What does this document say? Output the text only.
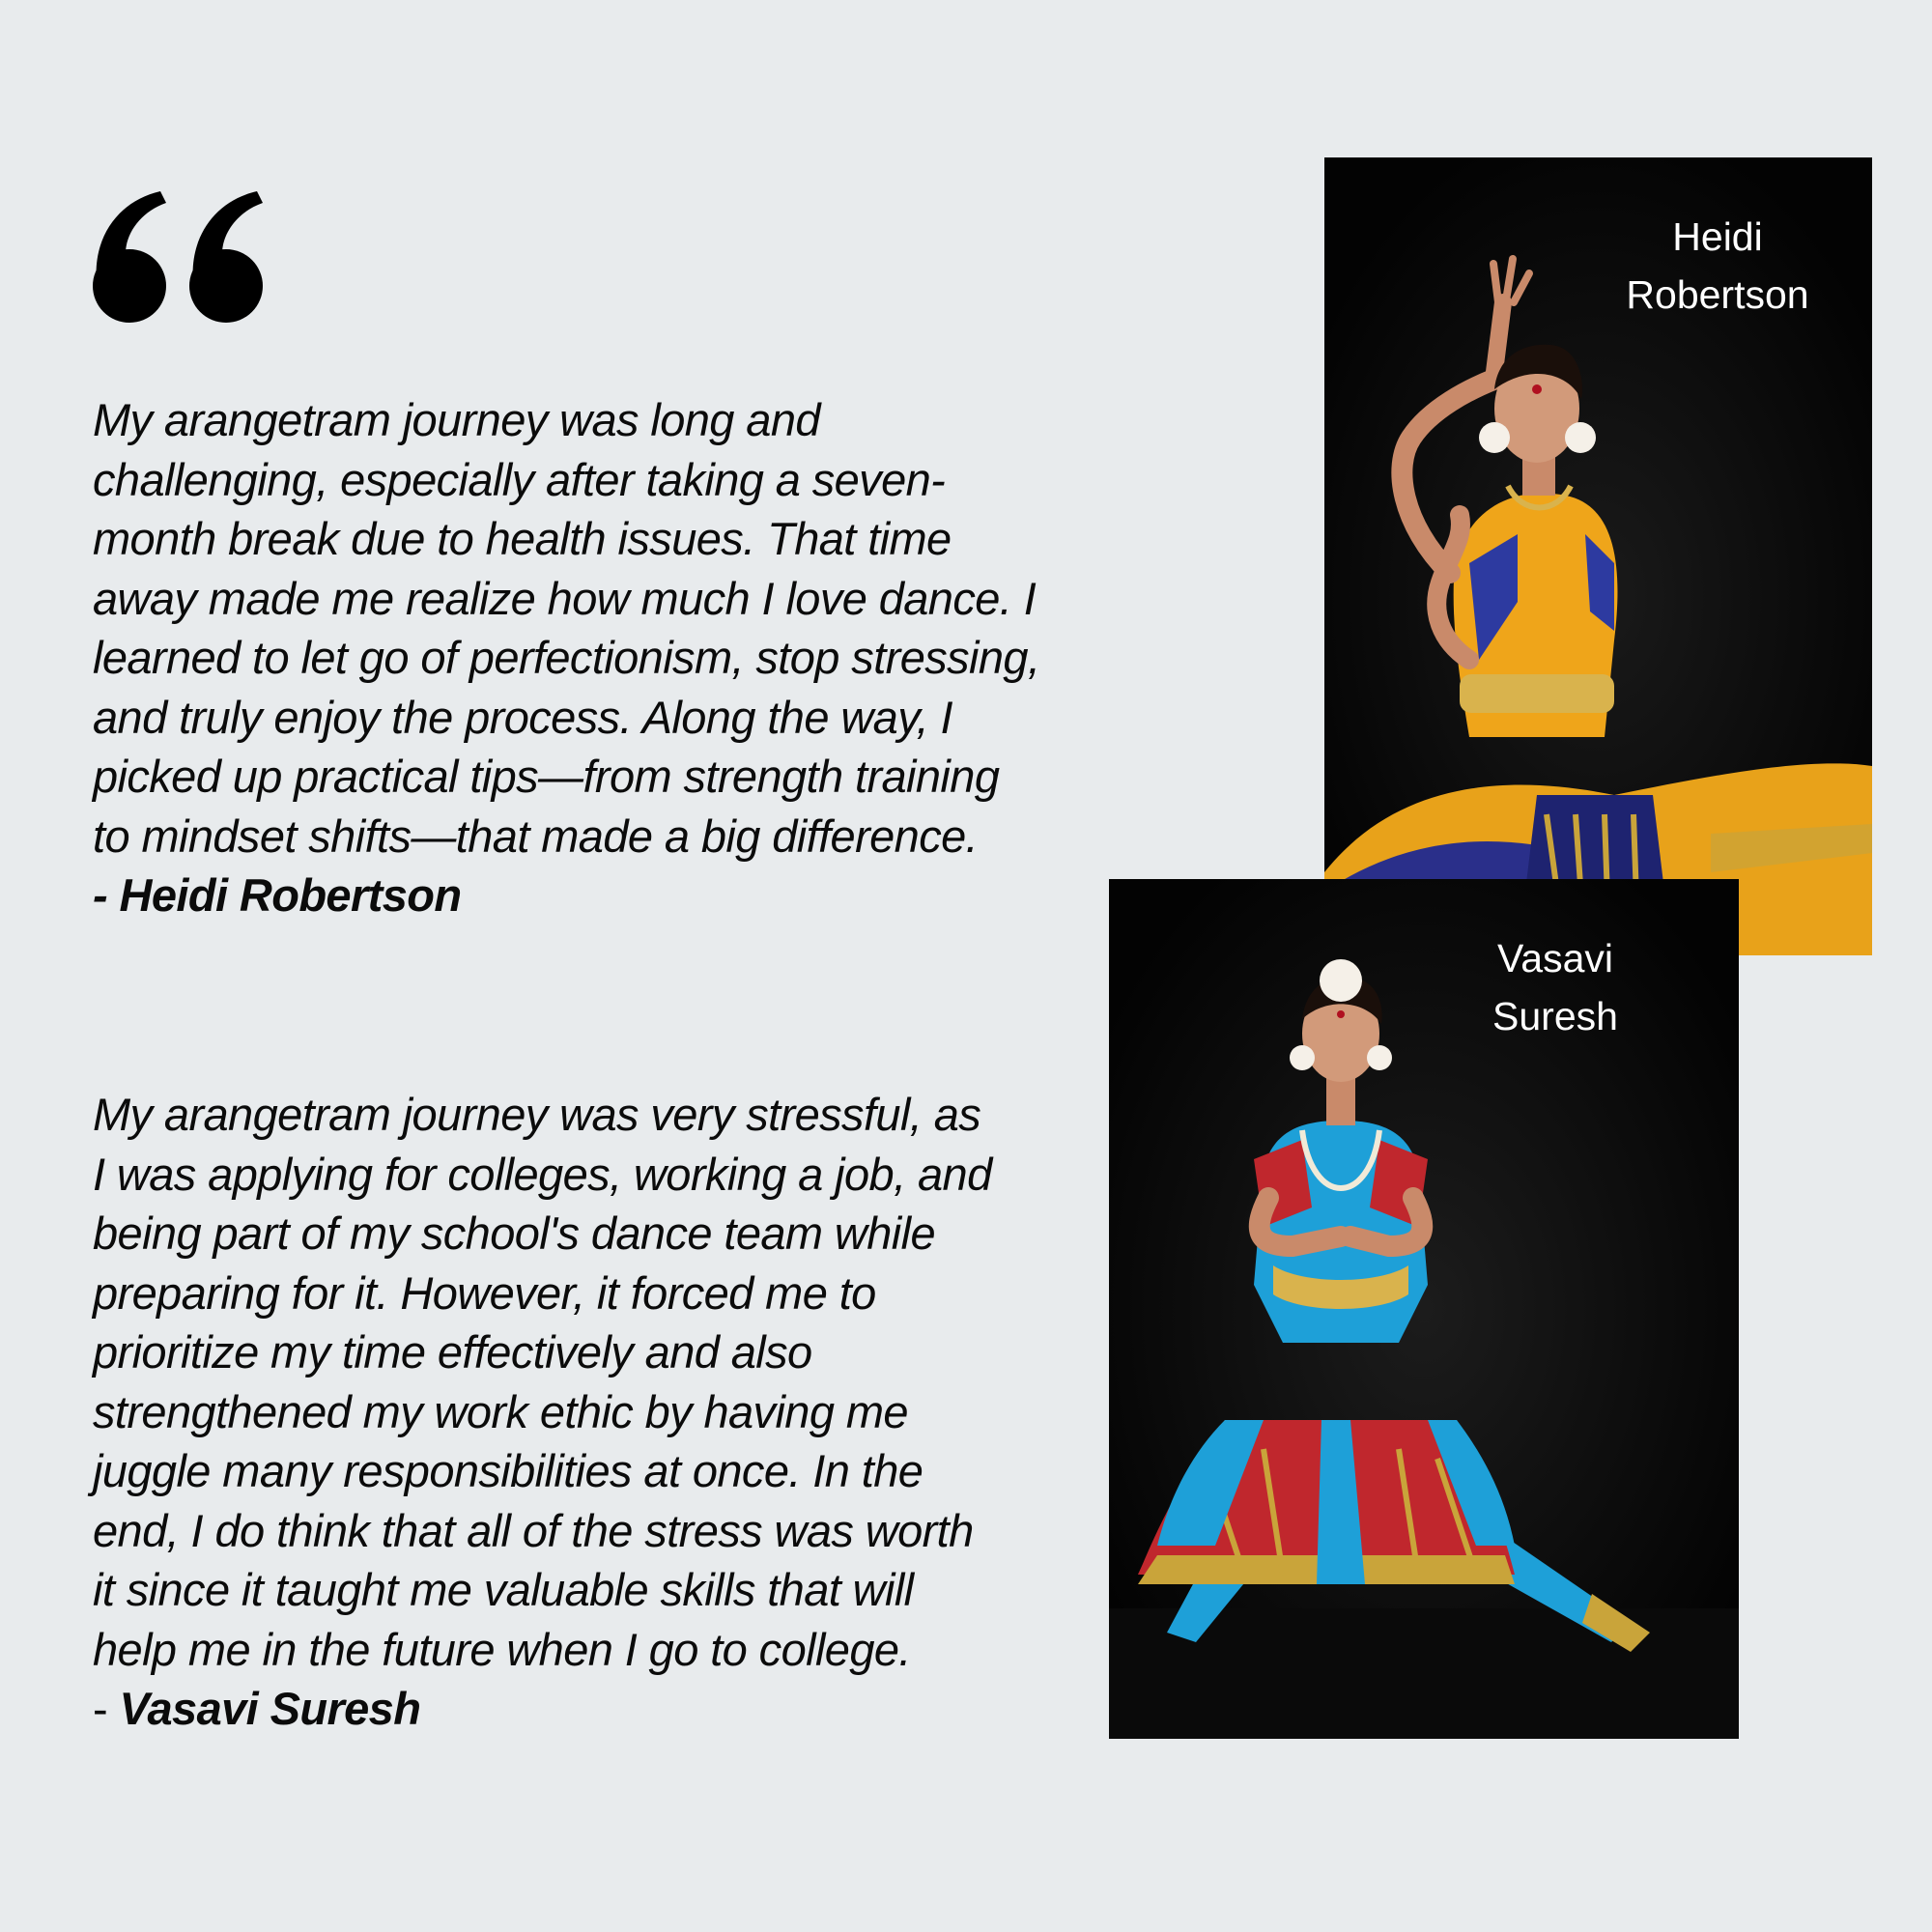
My arangetram journey was long and
challenging, especially after taking a seven-
month break due to health issues. That time
away made me realize how much I love dance. I
learned to let go of perfectionism, stop stressing,
and truly enjoy the process. Along the way, I
picked up practical tips—from strength training
to mindset shifts—that made a big difference.
- Heidi Robertson

My arangetram journey was very stressful, as
I was applying for colleges, working a job, and
being part of my school's dance team while
preparing for it. However, it forced me to
prioritize my time effectively and also
strengthened my work ethic by having me
juggle many responsibilities at once. In the
end, I do think that all of the stress was worth
it since it taught me valuable skills that will
help me in the future when I go to college.
- Vasavi Suresh

Heidi
Robertson
Vasavi
Suresh
